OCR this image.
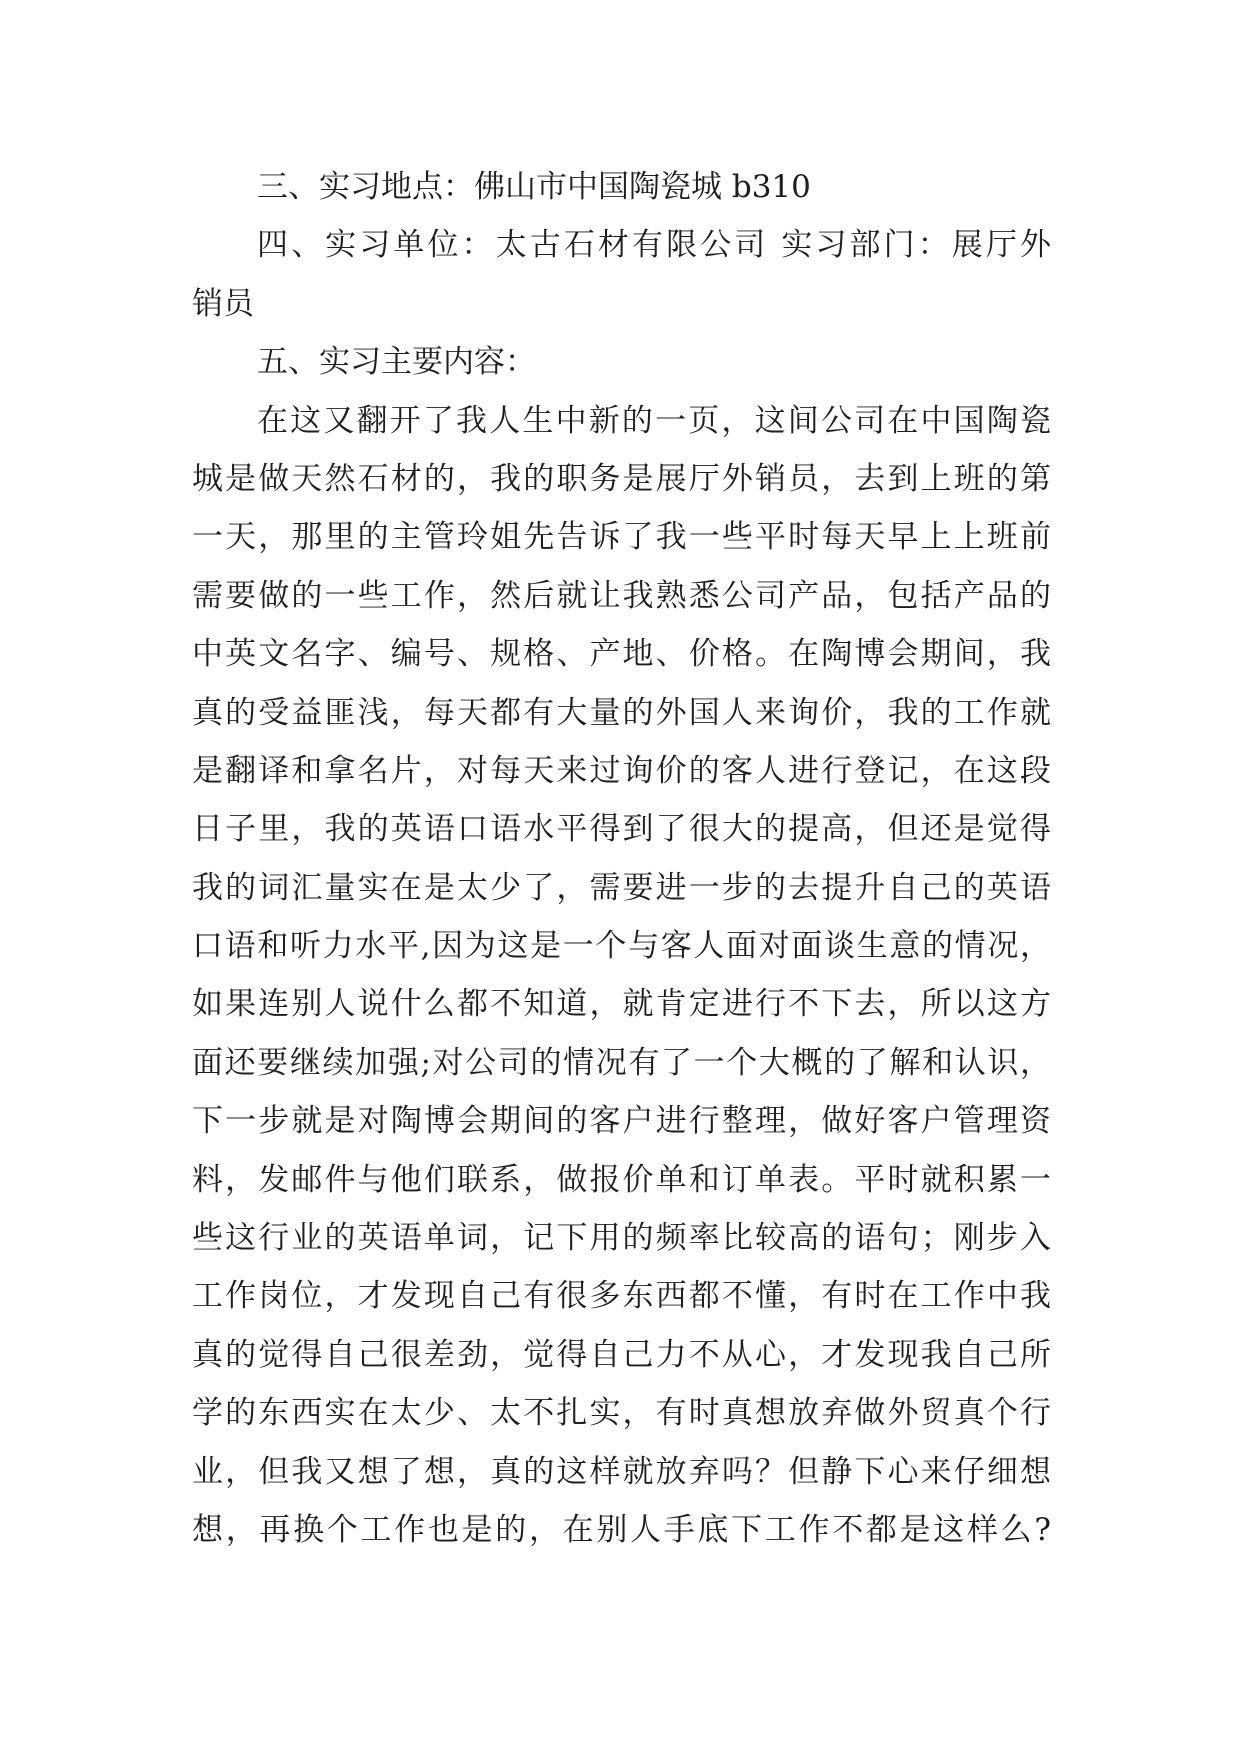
三、实习地点：佛山市中国陶瓷城 b310
四、实习单位：太古石材有限公司 实习部门：展厅外
销员
五、实习主要内容：
在这又翻开了我人生中新的一页，这间公司在中国陶瓷
城是做天然石材的，我的职务是展厅外销员，去到上班的第
一天，那里的主管玲姐先告诉了我一些平时每天早上上班前
需要做的一些工作，然后就让我熟悉公司产品，包括产品的
中英文名字、编号、规格、产地、价格。在陶博会期间，我
真的受益匪浅，每天都有大量的外国人来询价，我的工作就
是翻译和拿名片，对每天来过询价的客人进行登记，在这段
日子里，我的英语口语水平得到了很大的提高，但还是觉得
我的词汇量实在是太少了，需要进一步的去提升自己的英语
口语和听力水平,因为这是一个与客人面对面谈生意的情况，
如果连别人说什么都不知道，就肯定进行不下去，所以这方
面还要继续加强;对公司的情况有了一个大概的了解和认识，
下一步就是对陶博会期间的客户进行整理，做好客户管理资
料，发邮件与他们联系，做报价单和订单表。平时就积累一
些这行业的英语单词，记下用的频率比较高的语句；刚步入
工作岗位，才发现自己有很多东西都不懂，有时在工作中我
真的觉得自己很差劲，觉得自己力不从心，才发现我自己所
学的东西实在太少、太不扎实，有时真想放弃做外贸真个行
业，但我又想了想，真的这样就放弃吗？但静下心来仔细想
想，再换个工作也是的，在别人手底下工作不都是这样么?
